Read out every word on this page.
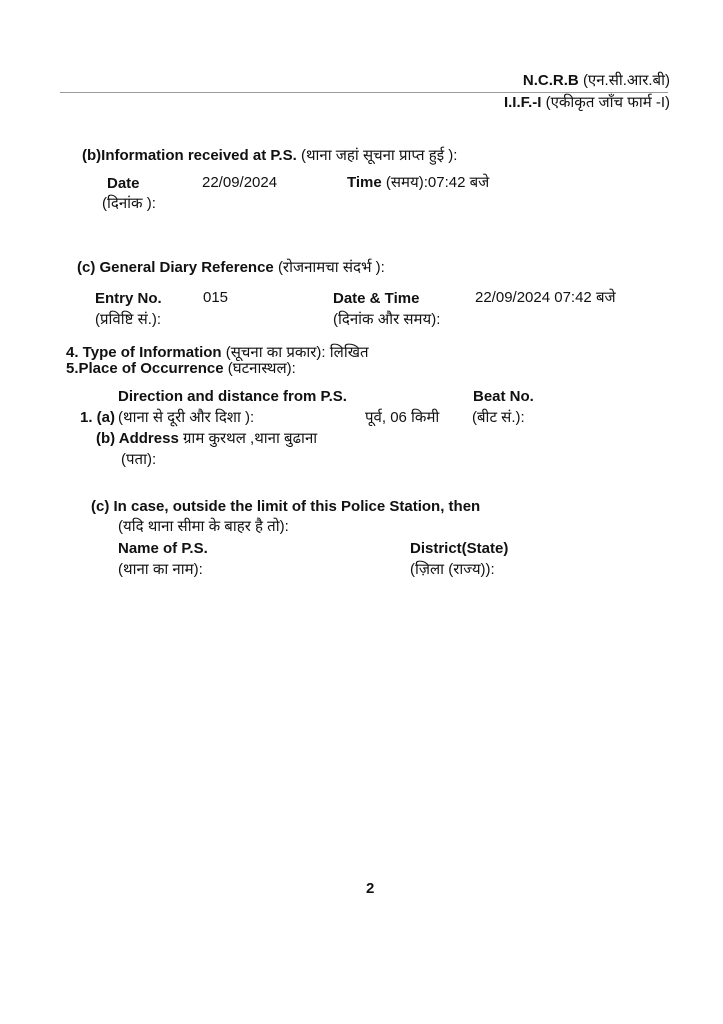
N.C.R.B (एन.सी.आर.बी)
I.I.F.-I (एकीकृत जाँच फार्म -I)
(b)Information received at P.S. (थाना जहां सूचना प्राप्त हुई ):
Date	22/09/2024	Time (समय):07:42 बजे
(दिनांक ):
(c) General Diary Reference (रोजनामचा संदर्भ ):
Entry No.	015	Date & Time	22/09/2024 07:42 बजे
(प्रविष्टि सं.):	(दिनांक और समय):
4. Type of Information (सूचना का प्रकार): लिखित
5.Place of Occurrence (घटनास्थल):
Direction and distance from P.S.	Beat No.
1. (a) (थाना से दूरी और दिशा ):	पूर्व, 06 किमी (बीट सं.):
(b) Address ग्राम कुरथल ,थाना बुढाना
(पता):
(c) In case, outside the limit of this Police Station, then
(यदि थाना सीमा के बाहर है तो):
Name of P.S.	District(State)
(थाना का नाम):	(ज़िला (राज्य)):
2
